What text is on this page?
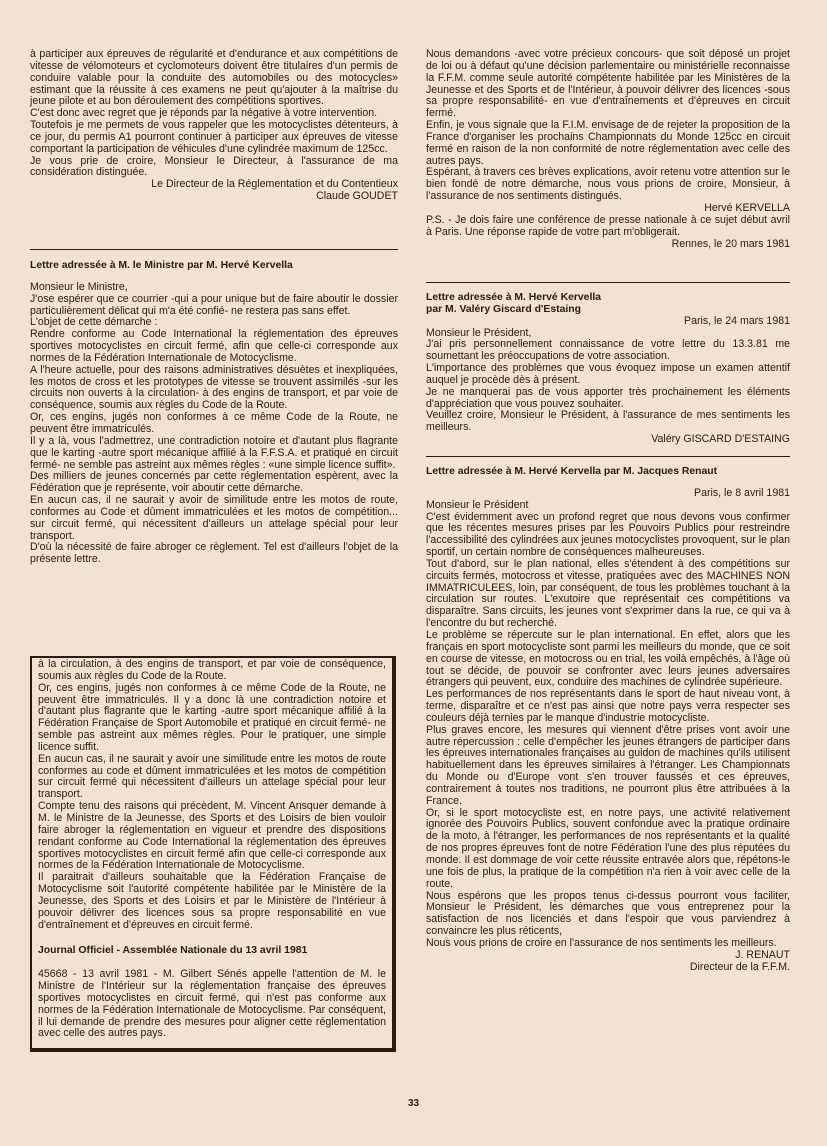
à participer aux épreuves de régularité et d'endurance et aux compétitions de vitesse de vélomoteurs et cyclomoteurs doivent être titulaires d'un permis de conduire valable pour la conduite des automobiles ou des motocycles» estimant que la réussite à ces examens ne peut qu'ajouter à la maîtrise du jeune pilote et au bon déroulement des compétitions sportives.

C'est donc avec regret que je réponds par la négative à votre intervention.

Toutefois je me permets de vous rappeler que les motocyclistes détenteurs, à ce jour, du permis A1 pourront continuer à participer aux épreuves de vitesse comportant la participation de véhicules d'une cylindrée maximum de 125cc.

Je vous prie de croire, Monsieur le Directeur, à l'assurance de ma considération distinguée.

Le Directeur de la Réglementation et du Contentieux

Claude GOUDET

Lettre adressée à M. le Ministre par M. Hervé Kervella

Monsieur le Ministre,

J'ose espérer que ce courrier -qui a pour unique but de faire aboutir le dossier particulièrement délicat qui m'a été confié- ne restera pas sans effet.

L'objet de cette démarche :

Rendre conforme au Code International la réglementation des épreuves sportives motocyclistes en circuit fermé, afin que celle-ci corresponde aux normes de la Fédération Internationale de Motocyclisme.

A l'heure actuelle, pour des raisons administratives désuètes et inexpliquées, les motos de cross et les prototypes de vitesse se trouvent assimilés -sur les circuits non ouverts à la circulation- à des engins de transport, et par voie de conséquence, soumis aux règles du Code de la Route.

Or, ces engins, jugés non conformes à ce même Code de la Route, ne peuvent être immatriculés.

Il y a là, vous l'admettrez, une contradiction notoire et d'autant plus flagrante que le karting -autre sport mécanique affilié à la F.F.S.A. et pratiqué en circuit fermé- ne semble pas astreint aux mêmes règles : «une simple licence suffit».

Des milliers de jeunes concernés par cette réglementation espèrent, avec la Fédération que je représente, voir aboutir cette démarche.

En aucun cas, il ne saurait y avoir de similitude entre les motos de route, conformes au Code et dûment immatriculées et les motos de compétition... sur circuit fermé, qui nécessitent d'ailleurs un attelage spécial pour leur transport.

D'où la nécessité de faire abroger ce règlement. Tel est d'ailleurs l'objet de la présente lettre.

à la circulation, à des engins de transport, et par voie de conséquence, soumis aux règles du Code de la Route.

Or, ces engins, jugés non conformes à ce même Code de la Route, ne peuvent être immatriculés. Il y a donc là une contradiction notoire et d'autant plus flagrante que le karting -autre sport mécanique affilié à la Fédération Française de Sport Automobile et pratiqué en circuit fermé- ne semble pas astreint aux mêmes règles. Pour le pratiquer, une simple licence suffit.

En aucun cas, il ne saurait y avoir une similitude entre les motos de route conformes au code et dûment immatriculées et les motos de compétition sur circuit fermé qui nécessitent d'ailleurs un attelage spécial pour leur transport.

Compte tenu des raisons qui précèdent, M. Vincent Ansquer demande à M. le Ministre de la Jeunesse, des Sports et des Loisirs de bien vouloir faire abroger la réglementation en vigueur et prendre des dispositions rendant conforme au Code International la réglementation des épreuves sportives motocyclistes en circuit fermé afin que celle-ci corresponde aux normes de la Fédération Internationale de Motocyclisme.

Il paraitrait d'ailleurs souhaitable que la Fédération Française de Motocyclisme soit l'autorité compétente habilitée par le Ministère de la Jeunesse, des Sports et des Loisirs et par le Ministère de l'Intérieur à pouvoir délivrer des licences sous sa propre responsabilité en vue d'entraînement et d'épreuves en circuit fermé.

Journal Officiel - Assemblée Nationale du 13 avril 1981

45668 - 13 avril 1981 - M. Gilbert Sénés appelle l'attention de M. le Ministre de l'Intérieur sur la réglementation française des épreuves sportives motocyclistes en circuit fermé, qui n'est pas conforme aux normes de la Fédération Internationale de Motocyclisme. Par conséquent, il lui demande de prendre des mesures pour aligner cette réglementation avec celle des autres pays.

Nous demandons -avec votre précieux concours- que soit déposé un projet de loi ou à défaut qu'une décision parlementaire ou ministérielle reconnaisse la F.F.M. comme seule autorité compétente habilitée par les Ministères de la Jeunesse et des Sports et de l'Intérieur, à pouvoir délivrer des licences -sous sa propre responsabilité- en vue d'entraînements et d'épreuves en circuit fermé.

Enfin, je vous signale que la F.I.M. envisage de de rejeter la proposition de la France d'organiser les prochains Championnats du Monde 125cc en circuit fermé en raison de la non conformité de notre réglementation avec celle des autres pays.

Espérant, à travers ces brèves explications, avoir retenu votre attention sur le bien fondé de notre démarche, nous vous prions de croire, Monsieur, à l'assurance de nos sentiments distingués.

Hervé KERVELLA

P.S. - Je dois faire une conférence de presse nationale à ce sujet début avril à Paris. Une réponse rapide de votre part m'obligerait.

Rennes, le 20 mars 1981

Lettre adressée à M. Hervé Kervella

par M. Valéry Giscard d'Estaing

Paris, le 24 mars 1981

Monsieur le Président,

J'ai pris personnellement connaissance de votre lettre du 13.3.81 me soumettant les préoccupations de votre association.

L'importance des problèmes que vous évoquez impose un examen attentif auquel je procède dès à présent.

Je ne manquerai pas de vous apporter très prochainement les éléments d'appréciation que vous pouvez souhaiter.

Veuillez croire, Monsieur le Président, à l'assurance de mes sentiments les meilleurs.

Valéry GISCARD D'ESTAING

Lettre adressée à M. Hervé Kervella par M. Jacques Renaut

Paris, le 8 avril 1981

Monsieur le Président

C'est évidemment avec un profond regret que nous devons vous confirmer que les récentes mesures prises par les Pouvoirs Publics pour restreindre l'accessibilité des cylindrées aux jeunes motocyclistes provoquent, sur le plan sportif, un certain nombre de conséquences malheureuses.

Tout d'abord, sur le plan national, elles s'étendent à des compétitions sur circuits fermés, motocross et vitesse, pratiquées avec des MACHINES NON IMMATRICULEES, loin, par conséquent, de tous les problèmes touchant à la circulation sur routes. L'exutoire que représentait ces compétitions va disparaître. Sans circuits, les jeunes vont s'exprimer dans la rue, ce qui va à l'encontre du but recherché.

Le problème se répercute sur le plan international. En effet, alors que les français en sport motocycliste sont parmi les meilleurs du monde, que ce soit en course de vitesse, en motocross ou en trial, les voilà empêchés, à l'âge où tout se décide, de pouvoir se confronter avec leurs jeunes adversaires étrangers qui peuvent, eux, conduire des machines de cylindrée supérieure.

Les performances de nos représentants dans le sport de haut niveau vont, à terme, disparaître et ce n'est pas ainsi que notre pays verra respecter ses couleurs déjà ternies par le manque d'industrie motocycliste.

Plus graves encore, les mesures qui viennent d'être prises vont avoir une autre répercussion : celle d'empêcher les jeunes étrangers de participer dans les épreuves internationales françaises au guidon de machines qu'ils utilisent habituellement dans les épreuves similaires à l'étranger. Les Championnats du Monde ou d'Europe vont s'en trouver faussés et ces épreuves, contrairement à toutes nos traditions, ne pourront plus être attribuées à la France.

Or, si le sport motocycliste est, en notre pays, une activité relativement ignorée des Pouvoirs Publics, souvent confondue avec la pratique ordinaire de la moto, à l'étranger, les performances de nos représentants et la qualité de nos propres épreuves font de notre Fédération l'une des plus réputées du monde. Il est dommage de voir cette réussite entravée alors que, répétons-le une fois de plus, la pratique de la compétition n'a rien à voir avec celle de la route.

Nous espérons que les propos tenus ci-dessus pourront vous faciliter, Monsieur le Président, les démarches que vous entreprenez pour la satisfaction de nos licenciés et dans l'espoir que vous parviendrez à convaincre les plus réticents,

Nous vous prions de croire en l'assurance de nos sentiments les meilleurs.

J. RENAUT

Directeur de la F.F.M.

33
